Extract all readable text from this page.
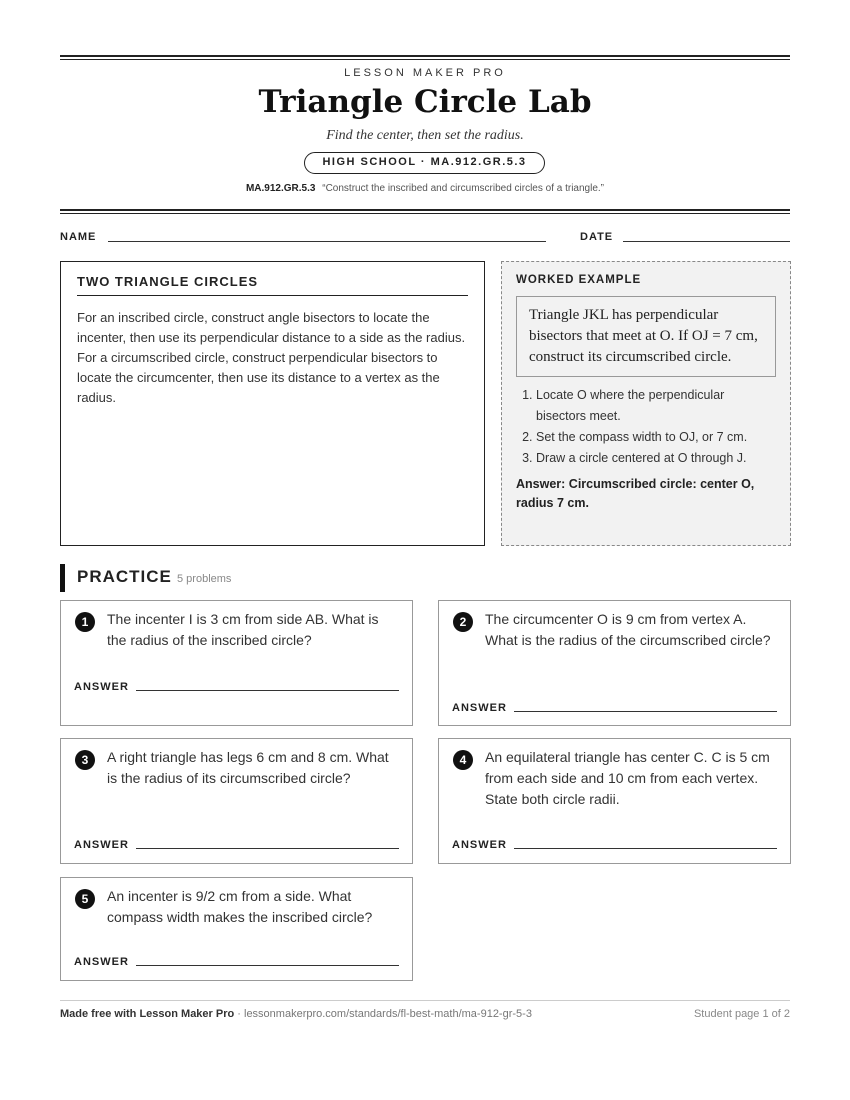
LESSON MAKER PRO
Triangle Circle Lab
Find the center, then set the radius.
HIGH SCHOOL · MA.912.GR.5.3
MA.912.GR.5.3 “Construct the inscribed and circumscribed circles of a triangle.”
NAME	DATE
TWO TRIANGLE CIRCLES

For an inscribed circle, construct angle bisectors to locate the incenter, then use its perpendicular distance to a side as the radius. For a circumscribed circle, construct perpendicular bisectors to locate the circumcenter, then use its distance to a vertex as the radius.

WORKED EXAMPLE
Triangle JKL has perpendicular bisectors that meet at O. If OJ = 7 cm, construct its circumscribed circle.
1. Locate O where the perpendicular bisectors meet.
2. Set the compass width to OJ, or 7 cm.
3. Draw a circle centered at O through J.
Answer: Circumscribed circle: center O, radius 7 cm.
PRACTICE 5 problems
1	The incenter I is 3 cm from side AB. What is the radius of the inscribed circle?
ANSWER
2	The circumcenter O is 9 cm from vertex A. What is the radius of the circumscribed circle?
ANSWER
3	A right triangle has legs 6 cm and 8 cm. What is the radius of its circumscribed circle?
ANSWER
4	An equilateral triangle has center C. C is 5 cm from each side and 10 cm from each vertex. State both circle radii.
ANSWER
5	An incenter is 9/2 cm from a side. What compass width makes the inscribed circle?
ANSWER
Made free with Lesson Maker Pro · lessonmakerpro.com/standards/fl-best-math/ma-912-gr-5-3	Student page 1 of 2
